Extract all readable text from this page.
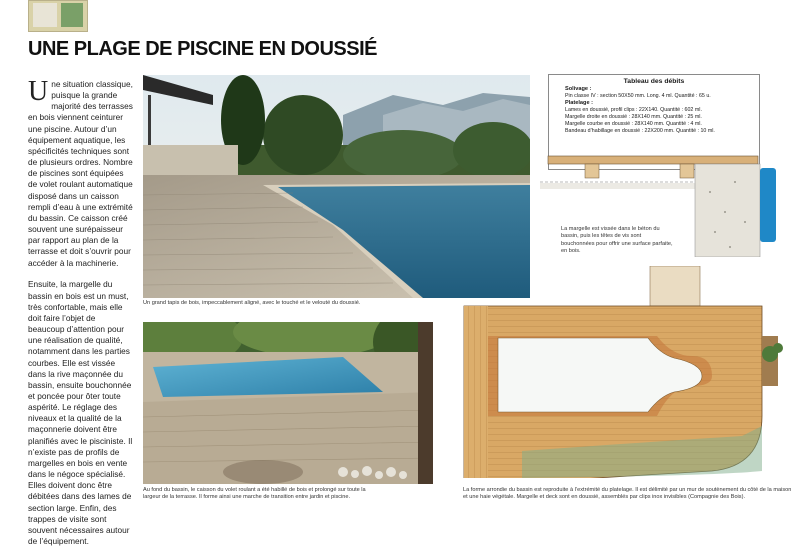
UNE PLAGE DE PISCINE EN DOUSSIÉ

Une situation classique, puisque la grande majorité des terrasses en bois viennent ceinturer une piscine. Autour d’un équipement aquatique, les spécificités techniques sont de plusieurs ordres. Nombre de piscines sont équipées de volet roulant automatique disposé dans un caisson rempli d’eau à une extrémité du bassin. Ce caisson créé souvent une surépaisseur par rapport au plan de la terrasse et doit s’ouvrir pour accéder à la machinerie.

Ensuite, la margelle du bassin en bois est un must, très confortable, mais elle doit faire l’objet de beaucoup d’attention pour une réalisation de qualité, notamment dans les parties courbes. Elle est vissée dans la rive maçonnée du bassin, ensuite bouchonnée et poncée pour ôter toute aspérité. Le réglage des niveaux et la qualité de la maçonnerie doivent être planifiés avec le pisciniste. Il n’existe pas de profils de margelles en bois en vente dans le négoce spécialisé. Elles doivent donc être débitées dans des lames de section large. Enfin, des trappes de visite sont souvent nécessaires autour de l’équipement.

Un grand tapis de bois, impeccablement aligné, avec le touché et le velouté du doussié.
Au fond du bassin, le caisson du volet roulant a été habillé de bois et prolongé sur toute la largeur de la terrasse. Il forme ainsi une marche de transition entre jardin et piscine.
Tableau des débits
Solivage :
Pin classe IV : section 50X50 mm. Long. 4 ml. Quantité : 65 u.
Platelage :
Lames en doussié, profil clips : 22X140. Quantité : 602 ml.
Margelle droite en doussié : 28X140 mm. Quantité : 25 ml.
Margelle courbe en doussié : 28X140 mm. Quantité : 4 ml.
Bandeau d’habillage en doussié : 22X200 mm. Quantité : 10 ml.
La margelle est vissée dans le béton du bassin, puis les têtes de vis sont bouchonnées pour offrir une surface parfaite, en bois.
La forme arrondie du bassin est reproduite à l’extrémité du platelage. Il est délimité par un mur de soutènement du côté de la maison et une haie végétale. Margelle et deck sont en doussié, assemblés par clips inox invisibles (Compagnie des Bois).
